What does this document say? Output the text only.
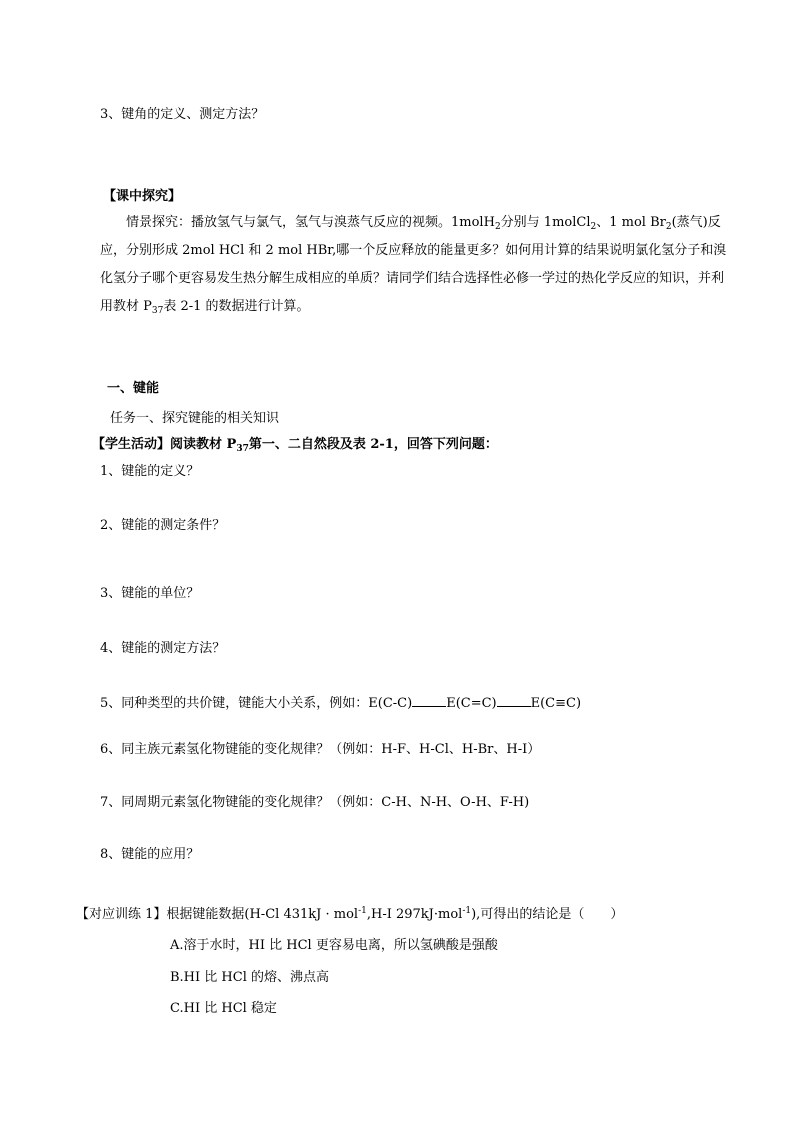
3、键角的定义、测定方法？
【课中探究】
情景探究：播放氢气与氯气，氢气与溴蒸气反应的视频。1molH$_2$分别与 1molCl$_2$、1 mol $Br_2$(蒸气)反应，分别形成 2mol HCl 和 2 mol HBr,哪一个反应释放的能量更多？如何用计算的结果说明氯化氢分子和溴化氢分子哪个更容易发生热分解生成相应的单质？请同学们结合选择性必修一学过的热化学反应的知识，并利用教材 $P_{37}$表 2-1 的数据进行计算。
一、键能
任务一、探究键能的相关知识
【学生活动】阅读教材 $P_{37}$第一、二自然段及表 2-1，回答下列问题：
1、键能的定义？
2、键能的测定条件？
3、键能的单位？
4、键能的测定方法？
5、同种类型的共价键，键能大小关系，例如：E(C-C)	E(C=C)	E(C≡C)
6、同主族元素氢化物键能的变化规律？（例如：H-F、H-Cl、H-Br、H-I）
7、同周期元素氢化物键能的变化规律？（例如：C-H、N-H、O-H、F-H)
8、键能的应用？
【对应训练 1】根据键能数据(H-Cl 431kJ · mol$^{-1}$,H-I 297kJ·mol$^{-1}$),可得出的结论是（　　）
A.溶于水时，HI 比 HCl 更容易电离，所以氢碘酸是强酸
B.HI 比 HCl 的熔、沸点高
C.HI 比 HCl 稳定
